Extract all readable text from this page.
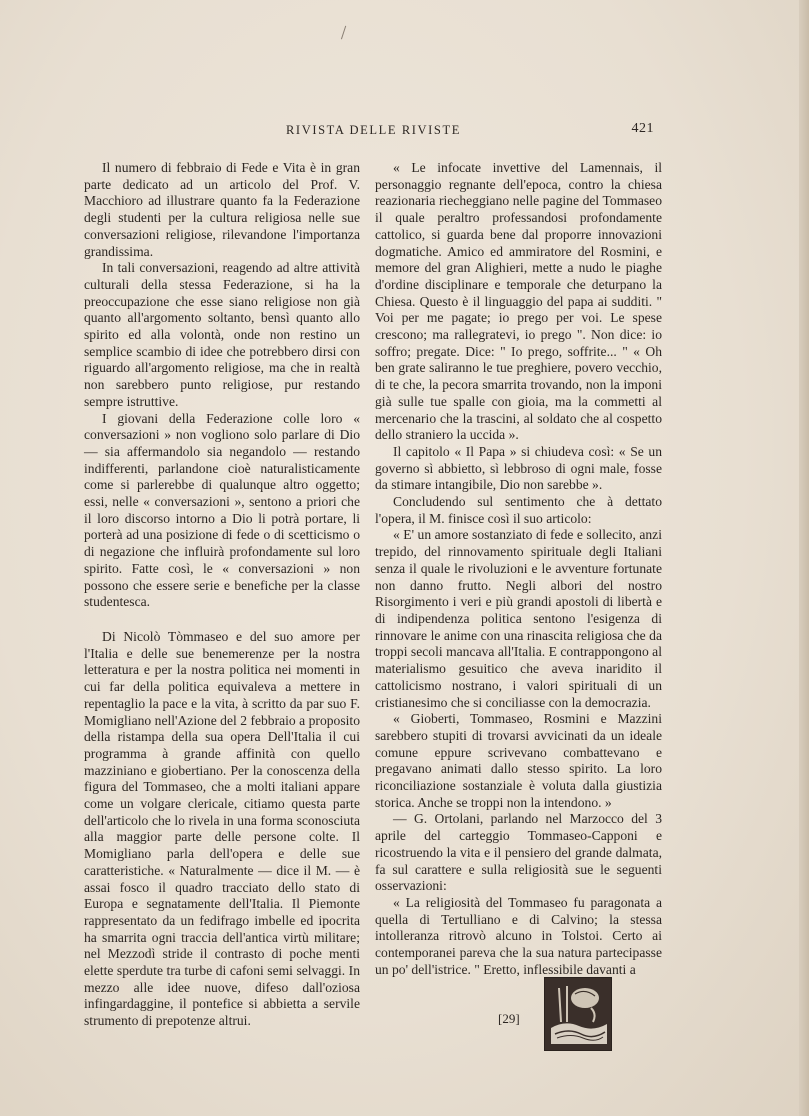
RIVISTA DELLE RIVISTE	421

Il numero di febbraio di Fede e Vita è in gran parte dedicato ad un articolo del Prof. V. Macchioro ad illustrare quanto fa la Federazione degli studenti per la cultura religiosa nelle sue conversazioni religiose, rilevandone l'importanza grandissima.

In tali conversazioni, reagendo ad altre attività culturali della stessa Federazione, si ha la preoccupazione che esse siano religiose non già quanto all'argomento soltanto, bensì quanto allo spirito ed alla volontà, onde non restino un semplice scambio di idee che potrebbero dirsi con riguardo all'argomento religiose, ma che in realtà non sarebbero punto religiose, pur restando sempre istruttive.

I giovani della Federazione colle loro « conversazioni » non vogliono solo parlare di Dio — sia affermandolo sia negandolo — restando indifferenti, parlandone cioè naturalisticamente come si parlerebbe di qualunque altro oggetto; essi, nelle « conversazioni », sentono a priori che il loro discorso intorno a Dio li potrà portare, li porterà ad una posizione di fede o di scetticismo o di negazione che influirà profondamente sul loro spirito. Fatte così, le « conversazioni » non possono che essere serie e benefiche per la classe studentesca.

Di Nicolò Tòmmaseo e del suo amore per l'Italia e delle sue benemerenze per la nostra letteratura e per la nostra politica nei momenti in cui far della politica equivaleva a mettere in repentaglio la pace e la vita, à scritto da par suo F. Momigliano nell'Azione del 2 febbraio a proposito della ristampa della sua opera Dell'Italia il cui programma à grande affinità con quello mazziniano e giobertiano. Per la conoscenza della figura del Tommaseo, che a molti italiani appare come un volgare clericale, citiamo questa parte dell'articolo che lo rivela in una forma sconosciuta alla maggior parte delle persone colte. Il Momigliano parla dell'opera e delle sue caratteristiche. « Naturalmente — dice il M. — è assai fosco il quadro tracciato dello stato di Europa e segnatamente dell'Italia. Il Piemonte rappresentato da un fedifrago imbelle ed ipocrita ha smarrita ogni traccia dell'antica virtù militare; nel Mezzodì stride il contrasto di poche menti elette sperdute tra turbe di cafoni semi selvaggi. In mezzo alle idee nuove, difeso dall'oziosa infingardaggine, il pontefice si abbietta a servile strumento di prepotenze altrui.

« Le infocate invettive del Lamennais, il personaggio regnante dell'epoca, contro la chiesa reazionaria riecheggiano nelle pagine del Tommaseo il quale peraltro professandosi profondamente cattolico, si guarda bene dal proporre innovazioni dogmatiche. Amico ed ammiratore del Rosmini, e memore del gran Alighieri, mette a nudo le piaghe d'ordine disciplinare e temporale che deturpano la Chiesa. Questo è il linguaggio del papa ai sudditi. " Voi per me pagate; io prego per voi. Le spese crescono; ma rallegratevi, io prego ". Non dice: io soffro; pregate. Dice: " Io prego, soffrite... " « Oh ben grate saliranno le tue preghiere, povero vecchio, di te che, la pecora smarrita trovando, non la imponi già sulle tue spalle con gioia, ma la commetti al mercenario che la trascini, al soldato che al cospetto dello straniero la uccida ».

Il capitolo « Il Papa » si chiudeva così: « Se un governo sì abbietto, sì lebbroso di ogni male, fosse da stimare intangibile, Dio non sarebbe ».

Concludendo sul sentimento che à dettato l'opera, il M. finisce così il suo articolo:

« E' un amore sostanziato di fede e sollecito, anzi trepido, del rinnovamento spirituale degli Italiani senza il quale le rivoluzioni e le avventure fortunate non danno frutto. Negli albori del nostro Risorgimento i veri e più grandi apostoli di libertà e di indipendenza politica sentono l'esigenza di rinnovare le anime con una rinascita religiosa che da troppi secoli mancava all'Italia. E contrappongono al materialismo gesuitico che aveva inaridito il cattolicismo nostrano, i valori spirituali di un cristianesimo che si conciliasse con la democrazia.

« Gioberti, Tommaseo, Rosmini e Mazzini sarebbero stupiti di trovarsi avvicinati da un ideale comune eppure scrivevano combattevano e pregavano animati dallo stesso spirito. La loro riconciliazione sostanziale è voluta dalla giustizia storica. Anche se troppi non la intendono. »

— G. Ortolani, parlando nel Marzocco del 3 aprile del carteggio Tommaseo-Capponi e ricostruendo la vita e il pensiero del grande dalmata, fa sul carattere e sulla religiosità sue le seguenti osservazioni:

« La religiosità del Tommaseo fu paragonata a quella di Tertulliano e di Calvino; la stessa intolleranza ritrovò alcuno in Tolstoi. Certo ai contemporanei pareva che la sua natura partecipasse un po' dell'istrice. " Eretto, inflessibile davanti a

[29]
